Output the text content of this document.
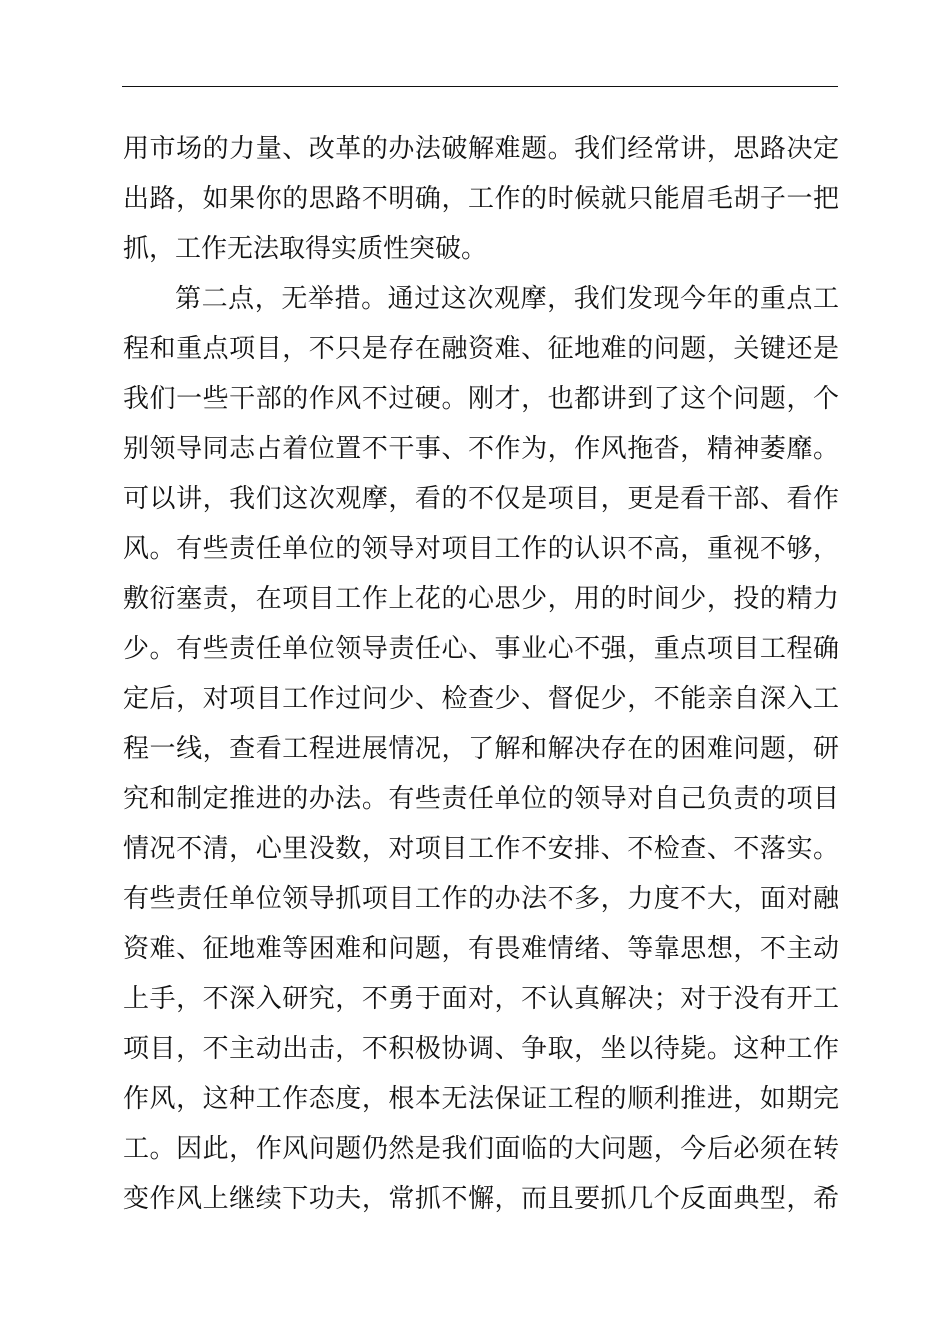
用市场的力量、改革的办法破解难题。我们经常讲，思路决定
出路，如果你的思路不明确，工作的时候就只能眉毛胡子一把
抓，工作无法取得实质性突破。
第二点，无举措。通过这次观摩，我们发现今年的重点工
程和重点项目，不只是存在融资难、征地难的问题，关键还是
我们一些干部的作风不过硬。刚才，也都讲到了这个问题，个
别领导同志占着位置不干事、不作为，作风拖沓，精神萎靡。
可以讲，我们这次观摩，看的不仅是项目，更是看干部、看作
风。有些责任单位的领导对项目工作的认识不高，重视不够，
敷衍塞责，在项目工作上花的心思少，用的时间少，投的精力
少。有些责任单位领导责任心、事业心不强，重点项目工程确
定后，对项目工作过问少、检查少、督促少，不能亲自深入工
程一线，查看工程进展情况，了解和解决存在的困难问题，研
究和制定推进的办法。有些责任单位的领导对自己负责的项目
情况不清，心里没数，对项目工作不安排、不检查、不落实。
有些责任单位领导抓项目工作的办法不多，力度不大，面对融
资难、征地难等困难和问题，有畏难情绪、等靠思想，不主动
上手，不深入研究，不勇于面对，不认真解决；对于没有开工
项目，不主动出击，不积极协调、争取，坐以待毙。这种工作
作风，这种工作态度，根本无法保证工程的顺利推进，如期完
工。因此，作风问题仍然是我们面临的大问题，今后必须在转
变作风上继续下功夫，常抓不懈，而且要抓几个反面典型，希
